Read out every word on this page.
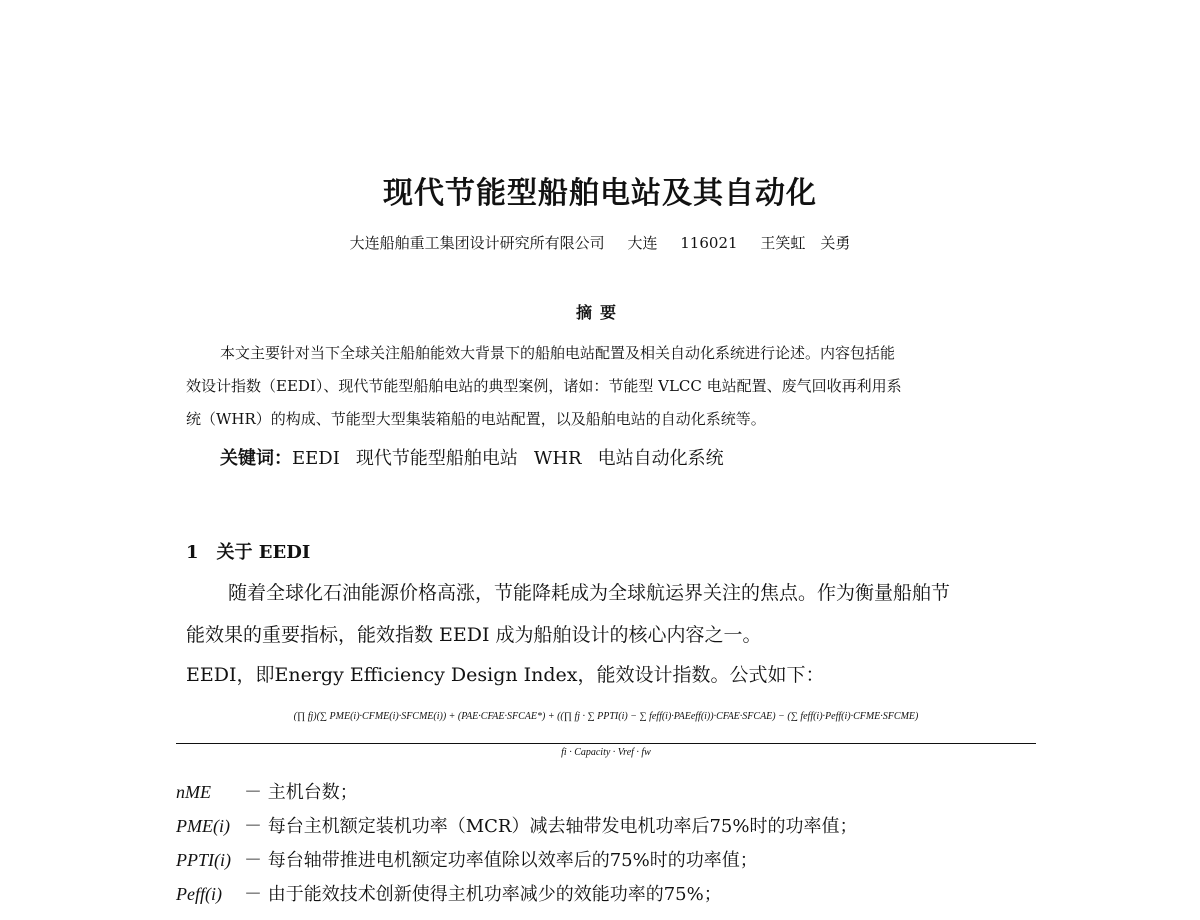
现代节能型船舶电站及其自动化
大连船舶重工集团设计研究所有限公司 大连 116021 王笑虹　关勇
摘要
本文主要针对当下全球关注船舶能效大背景下的船舶电站配置及相关自动化系统进行论述。内容包括能
效设计指数（EEDI）、现代节能型船舶电站的典型案例，诸如：节能型 VLCC 电站配置、废气回收再利用系
统（WHR）的构成、节能型大型集装箱船的电站配置，以及船舶电站的自动化系统等。
关键词：EEDI 现代节能型船舶电站 WHR 电站自动化系统
1　关于 EEDI
随着全球化石油能源价格高涨，节能降耗成为全球航运界关注的焦点。作为衡量船舶节
能效果的重要指标，能效指数 EEDI 成为船舶设计的核心内容之一。
EEDI，即Energy Efficiency Design Index，能效设计指数。公式如下：
(∏ fj)(∑ PME(i)·CFME(i)·SFCME(i)) + (PAE·CFAE·SFCAE*) + ((∏ fj · ∑ PPTI(i) − ∑ feff(i)·PAEeff(i))·CFAE·SFCAE) − (∑ feff(i)·Peff(i)·CFME·SFCME)
fi · Capacity · Vref · fw
nME － 主机台数；
PME(i) － 每台主机额定装机功率（MCR）减去轴带发电机功率后75%时的功率值；
PPTI(i) － 每台轴带推进电机额定功率值除以效率后的75%时的功率值；
Peff(i) － 由于能效技术创新使得主机功率减少的效能功率的75%；
